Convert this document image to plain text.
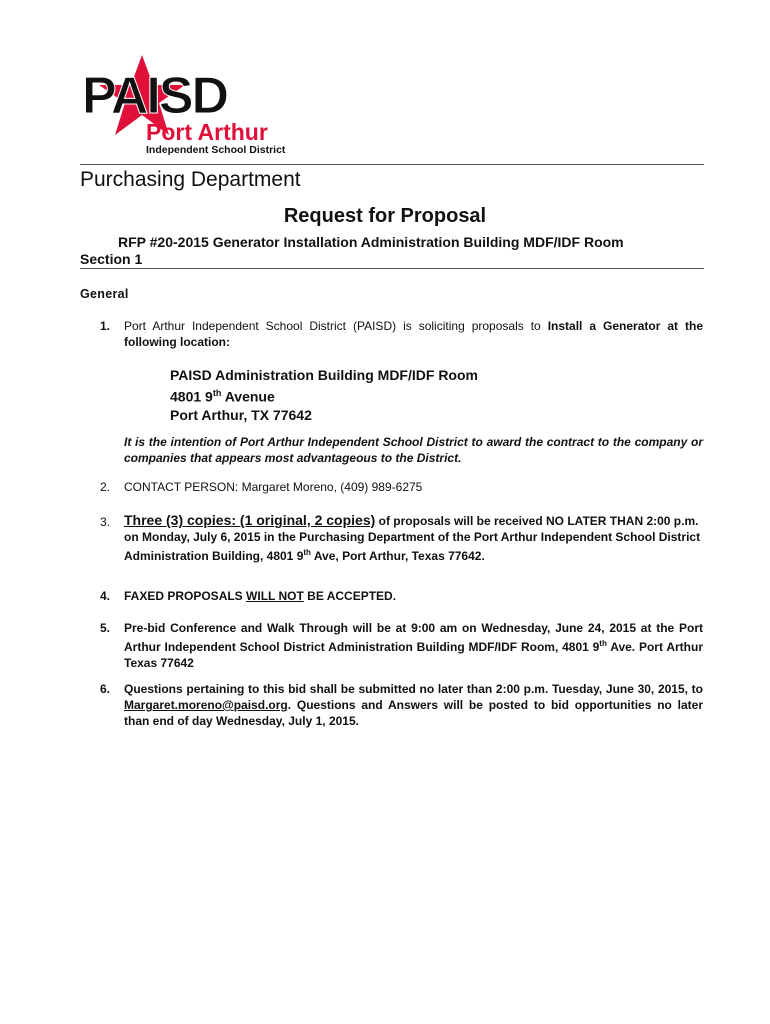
PAISD
Port Arthur
Independent School District
Purchasing Department
Request for Proposal
RFP #20-2015 Generator Installation Administration Building MDF/IDF Room
Section 1
General
1. Port Arthur Independent School District (PAISD) is soliciting proposals to Install a Generator at the following location:
PAISD Administration Building MDF/IDF Room
4801 9th Avenue
Port Arthur, TX 77642
It is the intention of Port Arthur Independent School District to award the contract to the company or companies that appears most advantageous to the District.
2. CONTACT PERSON: Margaret Moreno, (409) 989-6275
3. Three (3) copies: (1 original, 2 copies) of proposals will be received NO LATER THAN 2:00 p.m. on Monday, July 6, 2015 in the Purchasing Department of the Port Arthur Independent School District Administration Building, 4801 9th Ave, Port Arthur, Texas 77642.
4. FAXED PROPOSALS WILL NOT BE ACCEPTED.
5. Pre-bid Conference and Walk Through will be at 9:00 am on Wednesday, June 24, 2015 at the Port Arthur Independent School District Administration Building MDF/IDF Room, 4801 9th Ave. Port Arthur Texas 77642
6. Questions pertaining to this bid shall be submitted no later than 2:00 p.m. Tuesday, June 30, 2015, to Margaret.moreno@paisd.org. Questions and Answers will be posted to bid opportunities no later than end of day Wednesday, July 1, 2015.
